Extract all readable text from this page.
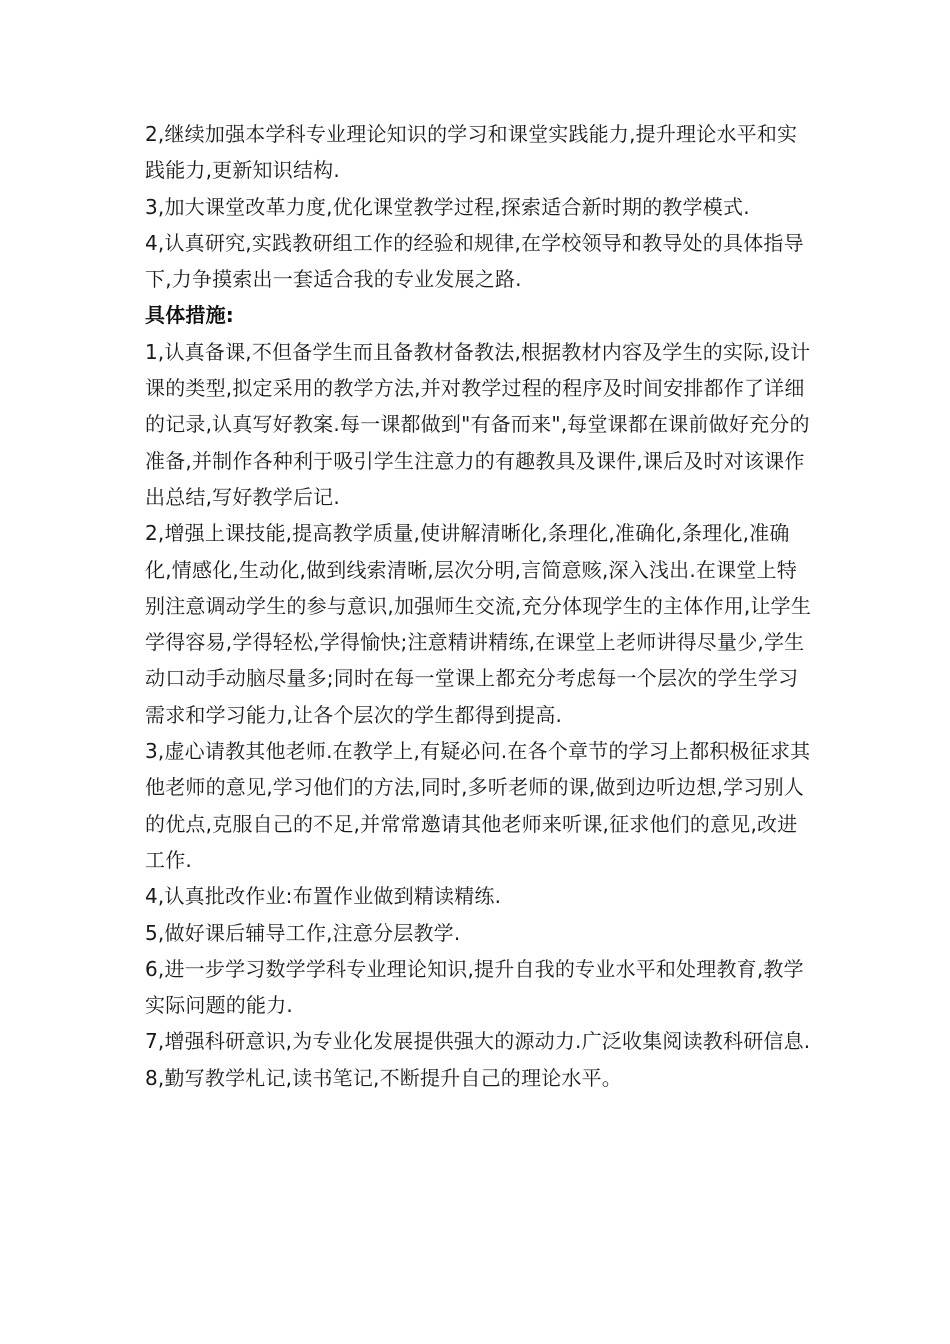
2,继续加强本学科专业理论知识的学习和课堂实践能力,提升理论水平和实践能力,更新知识结构.

3,加大课堂改革力度,优化课堂教学过程,探索适合新时期的教学模式.

4,认真研究,实践教研组工作的经验和规律,在学校领导和教导处的具体指导下,力争摸索出一套适合我的专业发展之路.

具体措施:

1,认真备课,不但备学生而且备教材备教法,根据教材内容及学生的实际,设计课的类型,拟定采用的教学方法,并对教学过程的程序及时间安排都作了详细的记录,认真写好教案.每一课都做到"有备而来",每堂课都在课前做好充分的准备,并制作各种利于吸引学生注意力的有趣教具及课件,课后及时对该课作出总结,写好教学后记.

2,增强上课技能,提高教学质量,使讲解清晰化,条理化,准确化,条理化,准确化,情感化,生动化,做到线索清晰,层次分明,言简意赅,深入浅出.在课堂上特别注意调动学生的参与意识,加强师生交流,充分体现学生的主体作用,让学生学得容易,学得轻松,学得愉快;注意精讲精练,在课堂上老师讲得尽量少,学生动口动手动脑尽量多;同时在每一堂课上都充分考虑每一个层次的学生学习需求和学习能力,让各个层次的学生都得到提高.

3,虚心请教其他老师.在教学上,有疑必问.在各个章节的学习上都积极征求其他老师的意见,学习他们的方法,同时,多听老师的课,做到边听边想,学习别人的优点,克服自己的不足,并常常邀请其他老师来听课,征求他们的意见,改进工作.

4,认真批改作业:布置作业做到精读精练.

5,做好课后辅导工作,注意分层教学.

6,进一步学习数学学科专业理论知识,提升自我的专业水平和处理教育,教学实际问题的能力.

7,增强科研意识,为专业化发展提供强大的源动力.广泛收集阅读教科研信息.

8,勤写教学札记,读书笔记,不断提升自己的理论水平。
